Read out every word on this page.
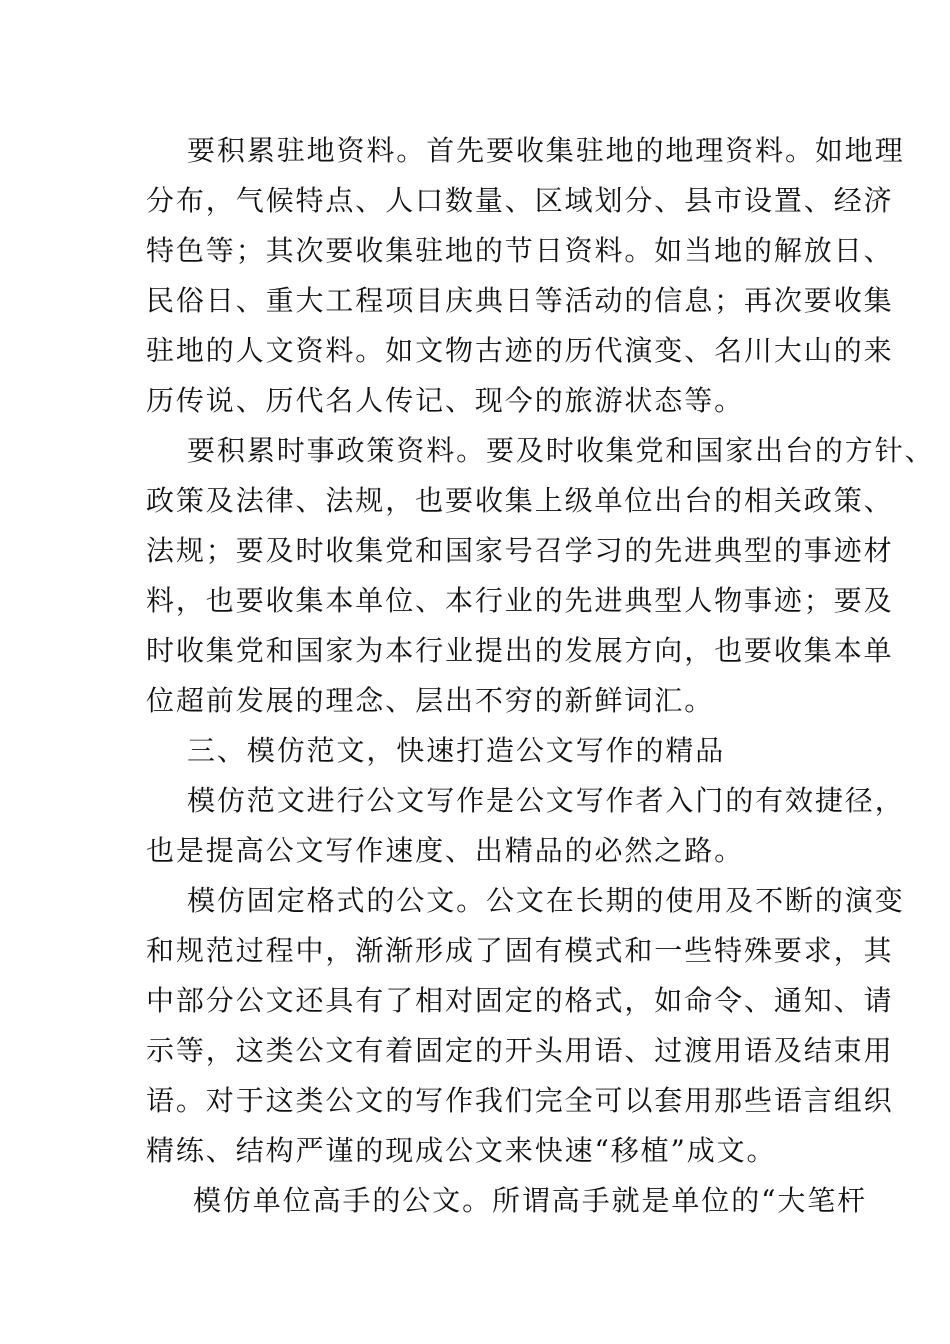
要积累驻地资料。首先要收集驻地的地理资料。如地理
分布，气候特点、人口数量、区域划分、县市设置、经济
特色等；其次要收集驻地的节日资料。如当地的解放日、
民俗日、重大工程项目庆典日等活动的信息；再次要收集
驻地的人文资料。如文物古迹的历代演变、名川大山的来
历传说、历代名人传记、现今的旅游状态等。
要积累时事政策资料。要及时收集党和国家出台的方针、
政策及法律、法规，也要收集上级单位出台的相关政策、
法规；要及时收集党和国家号召学习的先进典型的事迹材
料，也要收集本单位、本行业的先进典型人物事迹；要及
时收集党和国家为本行业提出的发展方向，也要收集本单
位超前发展的理念、层出不穷的新鲜词汇。
三、模仿范文，快速打造公文写作的精品
模仿范文进行公文写作是公文写作者入门的有效捷径，
也是提高公文写作速度、出精品的必然之路。
模仿固定格式的公文。公文在长期的使用及不断的演变
和规范过程中，渐渐形成了固有模式和一些特殊要求，其
中部分公文还具有了相对固定的格式，如命令、通知、请
示等，这类公文有着固定的开头用语、过渡用语及结束用
语。对于这类公文的写作我们完全可以套用那些语言组织
精练、结构严谨的现成公文来快速“移植”成文。
模仿单位高手的公文。所谓高手就是单位的“大笔杆
